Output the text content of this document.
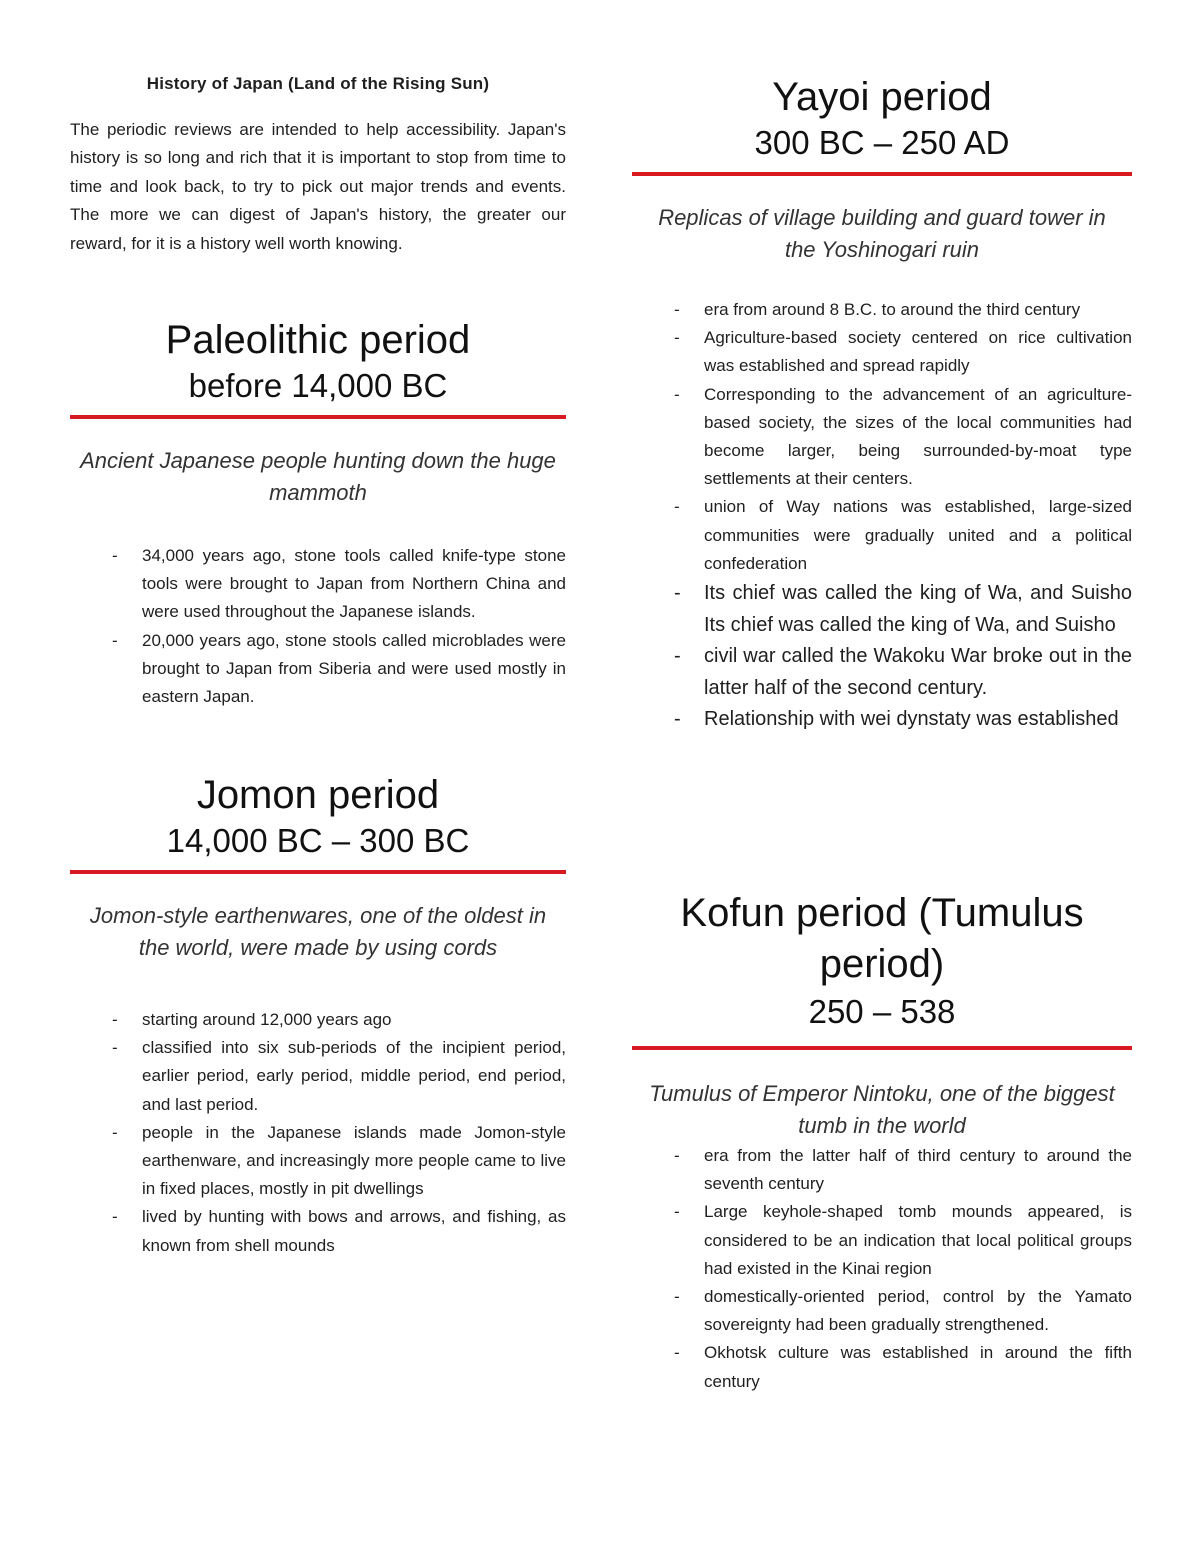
History of Japan (Land of the Rising Sun)
The periodic reviews are intended to help accessibility. Japan's history is so long and rich that it is important to stop from time to time and look back, to try to pick out major trends and events. The more we can digest of Japan's history, the greater our reward, for it is a history well worth knowing.
Paleolithic period
before 14,000 BC
Ancient Japanese people hunting down the huge mammoth
- 34,000 years ago, stone tools called knife-type stone tools were brought to Japan from Northern China and were used throughout the Japanese islands.
- 20,000 years ago, stone stools called microblades were brought to Japan from Siberia and were used mostly in eastern Japan.
Jomon period
14,000 BC – 300 BC
Jomon-style earthenwares, one of the oldest in the world, were made by using cords
- starting around 12,000 years ago
- classified into six sub-periods of the incipient period, earlier period, early period, middle period, end period, and last period.
- people in the Japanese islands made Jomon-style earthenware, and increasingly more people came to live in fixed places, mostly in pit dwellings
- lived by hunting with bows and arrows, and fishing, as known from shell mounds
Yayoi period
300 BC – 250 AD
Replicas of village building and guard tower in the Yoshinogari ruin
- era from around 8 B.C. to around the third century
- Agriculture-based society centered on rice cultivation was established and spread rapidly
- Corresponding to the advancement of an agriculture-based society, the sizes of the local communities had become larger, being surrounded-by-moat type settlements at their centers.
- union of Way nations was established, large-sized communities were gradually united and a political confederation
- Its chief was called the king of Wa, and Suisho Its chief was called the king of Wa, and Suisho
- civil war called the Wakoku War broke out in the latter half of the second century.
- Relationship with wei dynstaty was established
Kofun period (Tumulus period)
250 – 538
Tumulus of Emperor Nintoku, one of the biggest tumb in the world
- era from the latter half of third century to around the seventh century
- Large keyhole-shaped tomb mounds appeared, is considered to be an indication that local political groups had existed in the Kinai region
- domestically-oriented period, control by the Yamato sovereignty had been gradually strengthened.
- Okhotsk culture was established in around the fifth century
